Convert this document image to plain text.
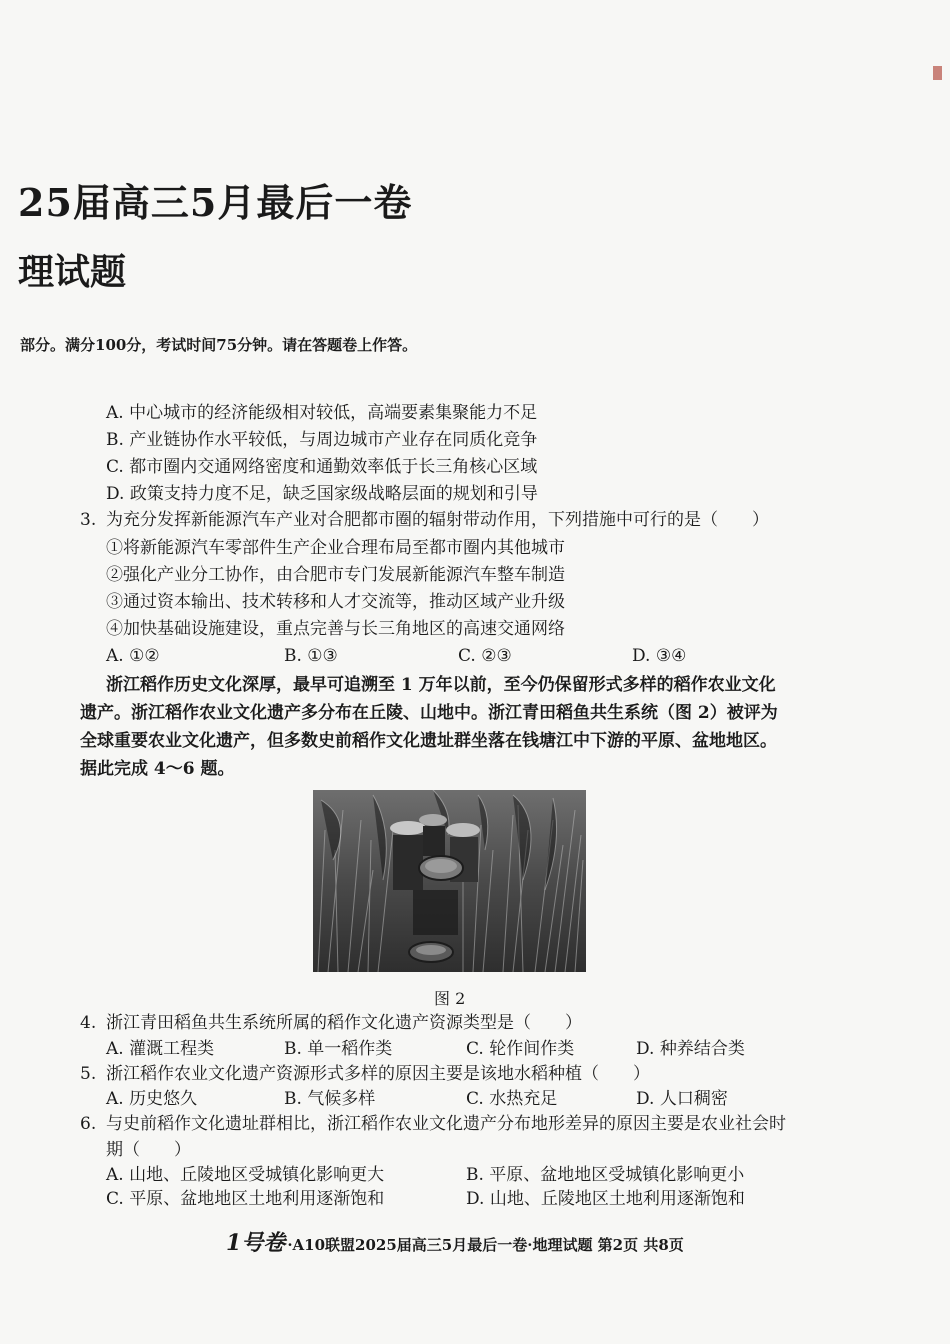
25届高三5月最后一卷
理试题
部分。满分100分，考试时间75分钟。请在答题卷上作答。
A. 中心城市的经济能级相对较低，高端要素集聚能力不足
B. 产业链协作水平较低，与周边城市产业存在同质化竞争
C. 都市圈内交通网络密度和通勤效率低于长三角核心区域
D. 政策支持力度不足，缺乏国家级战略层面的规划和引导
3. 为充分发挥新能源汽车产业对合肥都市圈的辐射带动作用，下列措施中可行的是（　　）
①将新能源汽车零部件生产企业合理布局至都市圈内其他城市
②强化产业分工协作，由合肥市专门发展新能源汽车整车制造
③通过资本输出、技术转移和人才交流等，推动区域产业升级
④加快基础设施建设，重点完善与长三角地区的高速交通网络
A. ①②	B. ①③	C. ②③	D. ③④
浙江稻作历史文化深厚，最早可追溯至 1 万年以前，至今仍保留形式多样的稻作农业文化
遗产。浙江稻作农业文化遗产多分布在丘陵、山地中。浙江青田稻鱼共生系统（图 2）被评为
全球重要农业文化遗产，但多数史前稻作文化遗址群坐落在钱塘江中下游的平原、盆地地区。
据此完成 4～6 题。
图 2
4. 浙江青田稻鱼共生系统所属的稻作文化遗产资源类型是（　　）
A. 灌溉工程类	B. 单一稻作类	C. 轮作间作类	D. 种养结合类
5. 浙江稻作农业文化遗产资源形式多样的原因主要是该地水稻种植（　　）
A. 历史悠久	B. 气候多样	C. 水热充足	D. 人口稠密
6. 与史前稻作文化遗址群相比，浙江稻作农业文化遗产分布地形差异的原因主要是农业社会时
期（　　）
A. 山地、丘陵地区受城镇化影响更大	B. 平原、盆地地区受城镇化影响更小
C. 平原、盆地地区土地利用逐渐饱和	D. 山地、丘陵地区土地利用逐渐饱和
1号卷 ·A10联盟2025届高三5月最后一卷·地理试题 第2页 共8页
